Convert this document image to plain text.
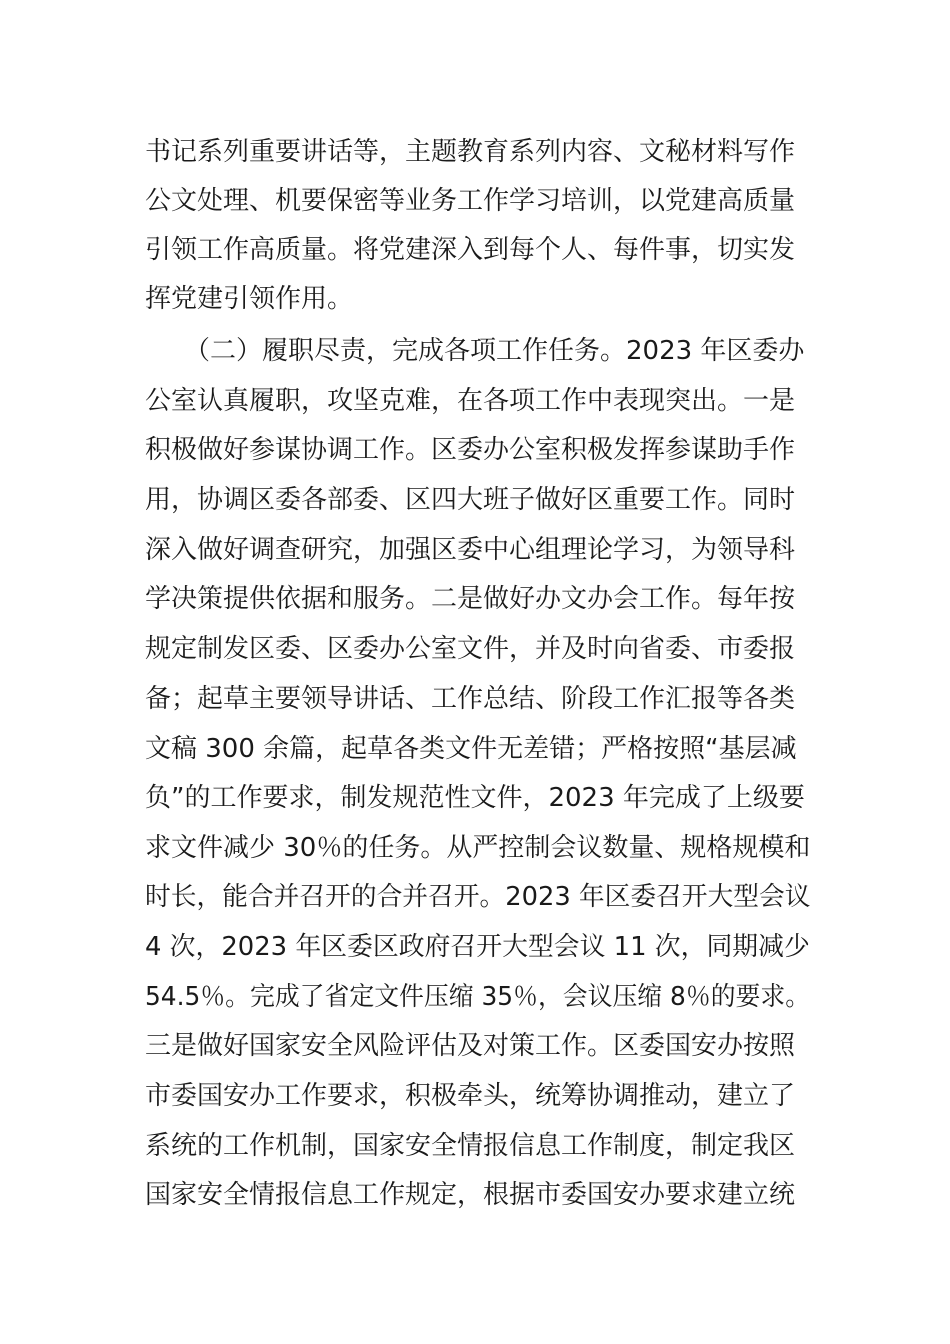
书记系列重要讲话等，主题教育系列内容、文秘材料写作

公文处理、机要保密等业务工作学习培训，以党建高质量

引领工作高质量。将党建深入到每个人、每件事，切实发

挥党建引领作用。

　　（二）履职尽责，完成各项工作任务。2023 年区委办

公室认真履职，攻坚克难，在各项工作中表现突出。一是

积极做好参谋协调工作。区委办公室积极发挥参谋助手作

用，协调区委各部委、区四大班子做好区重要工作。同时

深入做好调查研究，加强区委中心组理论学习，为领导科

学决策提供依据和服务。二是做好办文办会工作。每年按

规定制发区委、区委办公室文件，并及时向省委、市委报

备；起草主要领导讲话、工作总结、阶段工作汇报等各类

文稿 300 余篇，起草各类文件无差错；严格按照“基层减

负”的工作要求，制发规范性文件，2023 年完成了上级要

求文件减少 30％的任务。从严控制会议数量、规格规模和

时长，能合并召开的合并召开。2023 年区委召开大型会议

4 次，2023 年区委区政府召开大型会议 11 次，同期减少

54.5％。完成了省定文件压缩 35％，会议压缩 8％的要求。

三是做好国家安全风险评估及对策工作。区委国安办按照

市委国安办工作要求，积极牵头，统筹协调推动，建立了

系统的工作机制，国家安全情报信息工作制度，制定我区

国家安全情报信息工作规定，根据市委国安办要求建立统
